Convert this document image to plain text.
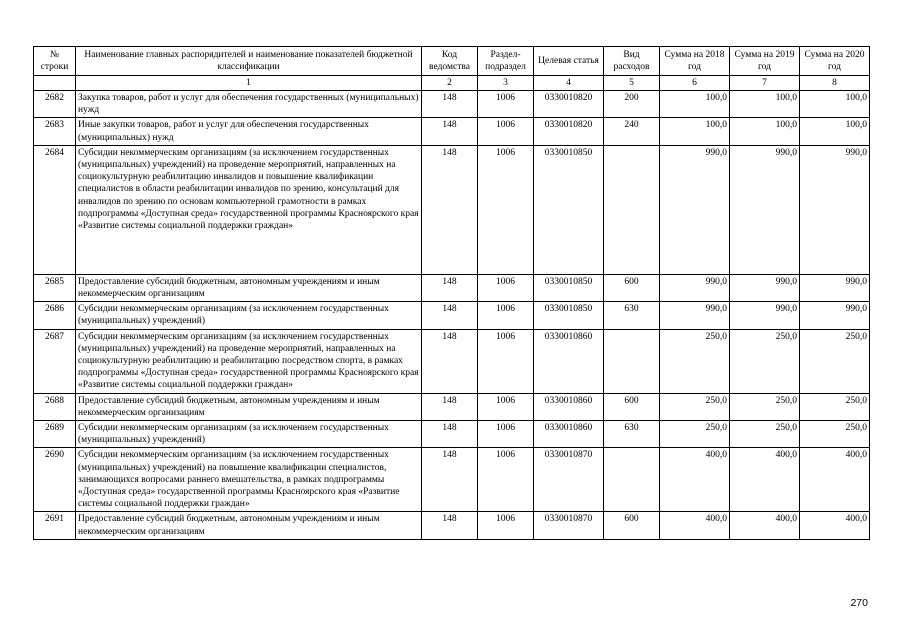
№ строки	Наименование главных распорядителей и наименование показателей бюджетной классификации	Код ведомства	Раздел-подраздел	Целевая статья	Вид расходов	Сумма на 2018 год	Сумма на 2019 год	Сумма на 2020 год
	1	2	3	4	5	6	7	8
2682	Закупка товаров, работ и услуг для обеспечения государственных (муниципальных) нужд	148	1006	0330010820	200	100,0	100,0	100,0
2683	Иные закупки товаров, работ и услуг для обеспечения государственных (муниципальных) нужд	148	1006	0330010820	240	100,0	100,0	100,0
2684	Субсидии некоммерческим организациям (за исключением государственных (муниципальных) учреждений) на проведение мероприятий, направленных на социокультурную реабилитацию инвалидов и повышение квалификации специалистов в области реабилитации инвалидов по зрению, консультаций для инвалидов по зрению по основам компьютерной грамотности в рамках подпрограммы «Доступная среда» государственной программы Красноярского края «Развитие системы социальной поддержки граждан»	148	1006	0330010850		990,0	990,0	990,0
2685	Предоставление субсидий бюджетным, автономным учреждениям и иным некоммерческим организациям	148	1006	0330010850	600	990,0	990,0	990,0
2686	Субсидии некоммерческим организациям (за исключением государственных (муниципальных) учреждений)	148	1006	0330010850	630	990,0	990,0	990,0
2687	Субсидии некоммерческим организациям (за исключением государственных (муниципальных) учреждений) на проведение мероприятий, направленных на социокультурную реабилитацию и реабилитацию посредством спорта, в рамках подпрограммы «Доступная среда» государственной программы Красноярского края «Развитие системы социальной поддержки граждан»	148	1006	0330010860		250,0	250,0	250,0
2688	Предоставление субсидий бюджетным, автономным учреждениям и иным некоммерческим организациям	148	1006	0330010860	600	250,0	250,0	250,0
2689	Субсидии некоммерческим организациям (за исключением государственных (муниципальных) учреждений)	148	1006	0330010860	630	250,0	250,0	250,0
2690	Субсидии некоммерческим организациям (за исключением государственных (муниципальных) учреждений) на повышение квалификации специалистов, занимающихся вопросами раннего вмешательства, в рамках подпрограммы «Доступная среда» государственной программы Красноярского края «Развитие системы социальной поддержки граждан»	148	1006	0330010870		400,0	400,0	400,0
2691	Предоставление субсидий бюджетным, автономным учреждениям и иным некоммерческим организациям	148	1006	0330010870	600	400,0	400,0	400,0
270
